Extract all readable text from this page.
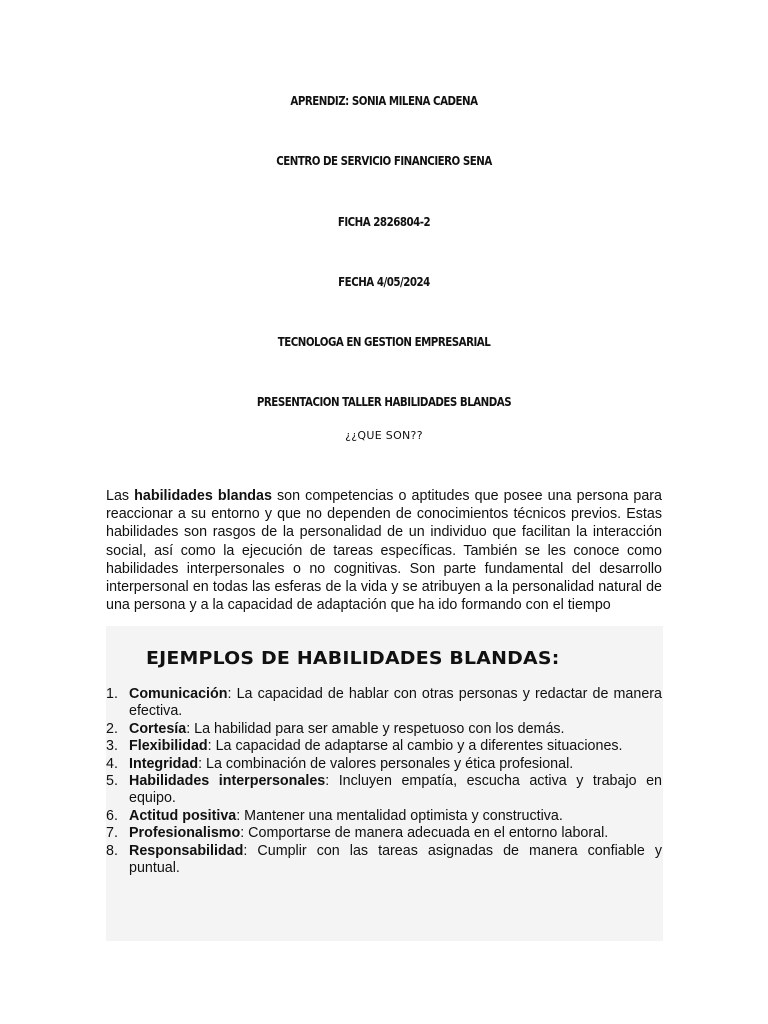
APRENDIZ: SONIA MILENA CADENA
CENTRO DE SERVICIO FINANCIERO SENA
FICHA 2826804-2
FECHA 4/05/2024
TECNOLOGA EN GESTION EMPRESARIAL
PRESENTACION TALLER HABILIDADES BLANDAS
¿¿QUE SON??

Las habilidades blandas son competencias o aptitudes que posee una persona para reaccionar a su entorno y que no dependen de conocimientos técnicos previos. Estas habilidades son rasgos de la personalidad de un individuo que facilitan la interacción social, así como la ejecución de tareas específicas. También se les conoce como habilidades interpersonales o no cognitivas. Son parte fundamental del desarrollo interpersonal en todas las esferas de la vida y se atribuyen a la personalidad natural de una persona y a la capacidad de adaptación que ha ido formando con el tiempo

EJEMPLOS DE HABILIDADES BLANDAS:
1. Comunicación: La capacidad de hablar con otras personas y redactar de manera efectiva.
2. Cortesía: La habilidad para ser amable y respetuoso con los demás.
3. Flexibilidad: La capacidad de adaptarse al cambio y a diferentes situaciones.
4. Integridad: La combinación de valores personales y ética profesional.
5. Habilidades interpersonales: Incluyen empatía, escucha activa y trabajo en equipo.
6. Actitud positiva: Mantener una mentalidad optimista y constructiva.
7. Profesionalismo: Comportarse de manera adecuada en el entorno laboral.
8. Responsabilidad: Cumplir con las tareas asignadas de manera confiable y puntual.
